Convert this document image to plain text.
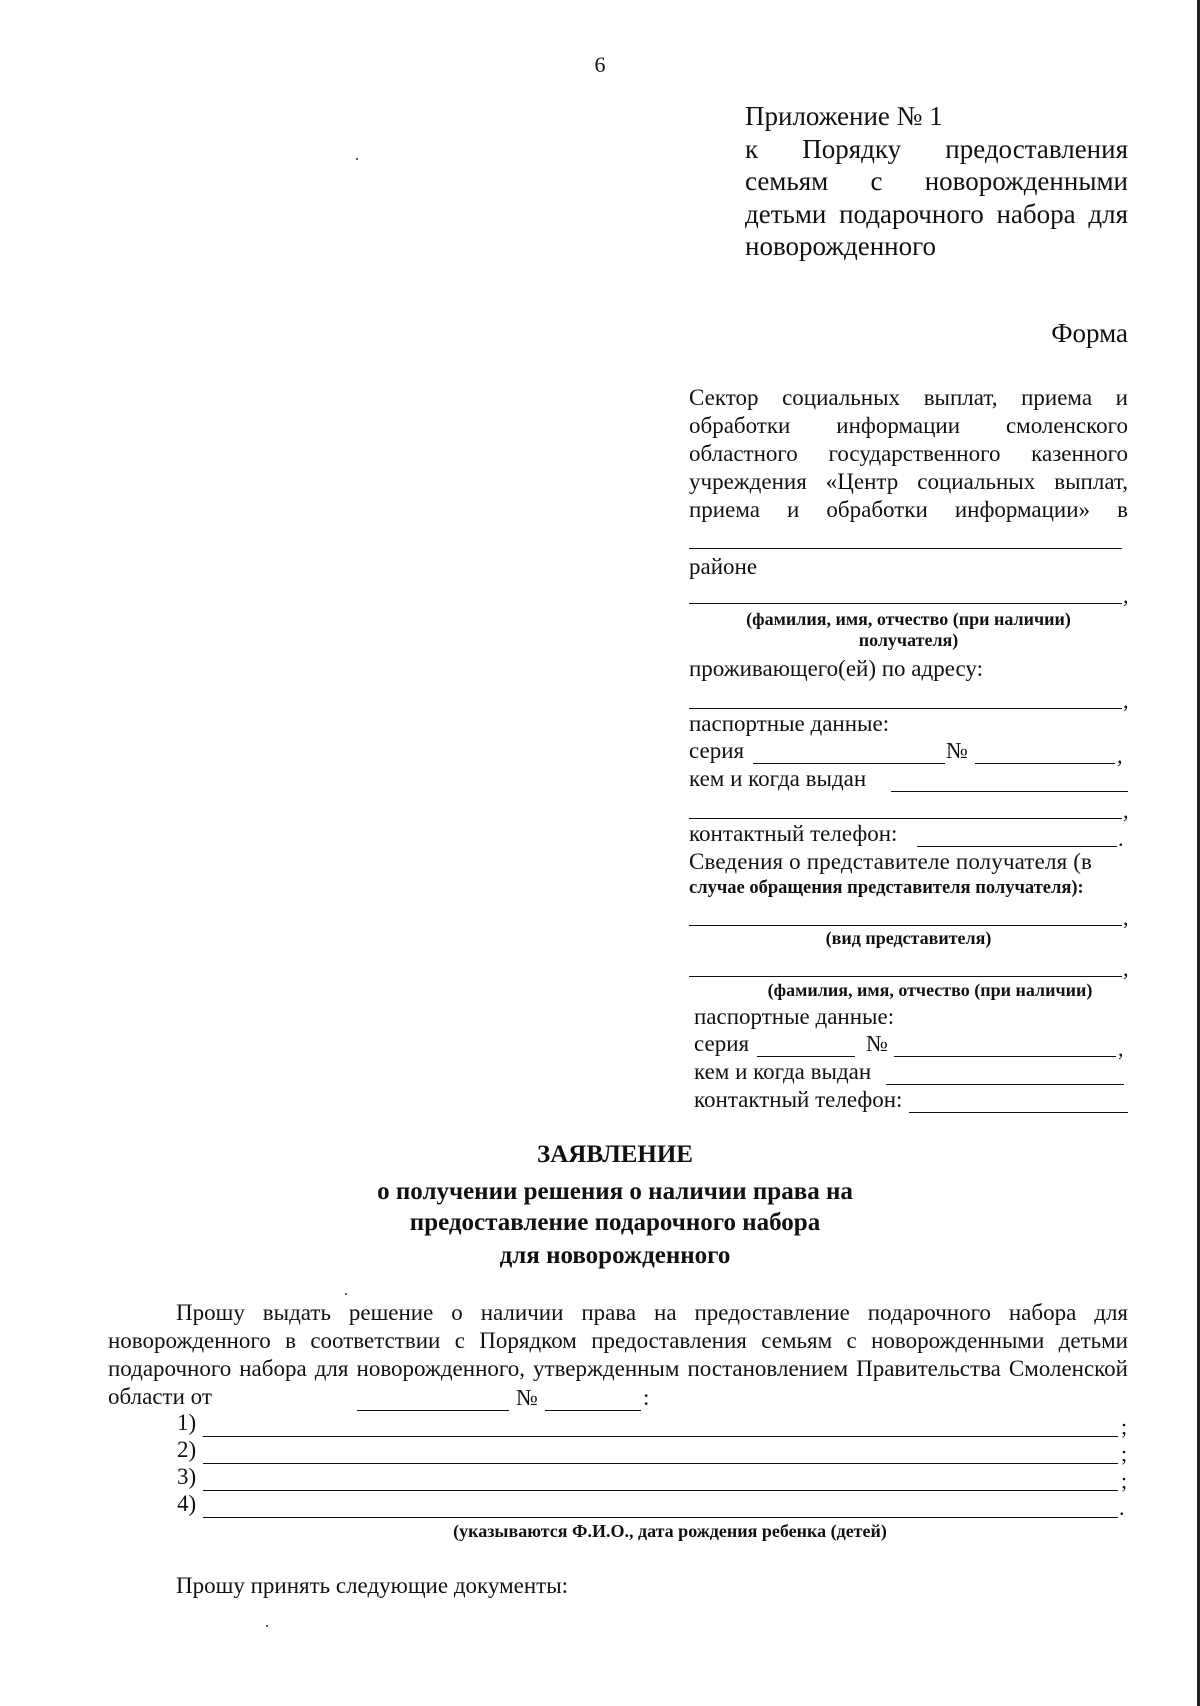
6
Приложение № 1
к Порядку предоставления
семьям с новорожденными
детьми подарочного набора для
новорожденного
Форма
Сектор социальных выплат, приема и обработки информации смоленского областного государственного казенного учреждения «Центр социальных выплат, приема и обработки информации» в
районе
,
(фамилия, имя, отчество (при наличии)
получателя)
проживающего(ей) по адресу:
,
паспортные данные:
серия	№	,
кем и когда выдан
,
контактный телефон:	.
Сведения о представителе получателя (в
случае обращения представителя получателя):
,
(вид представителя)
,
(фамилия, имя, отчество (при наличии)
паспортные данные:
серия	№	,
кем и когда выдан
контактный телефон:
ЗАЯВЛЕНИЕ
о получении решения о наличии права на
предоставление подарочного набора
для новорожденного
Прошу выдать решение о наличии права на предоставление подарочного набора для новорожденного в соответствии с Порядком предоставления семьям с новорожденными детьми подарочного набора для новорожденного, утвержденным постановлением Правительства Смоленской области от	№	:
1)	;
2)	;
3)	;
4)	.
(указываются Ф.И.О., дата рождения ребенка (детей)
Прошу принять следующие документы:
